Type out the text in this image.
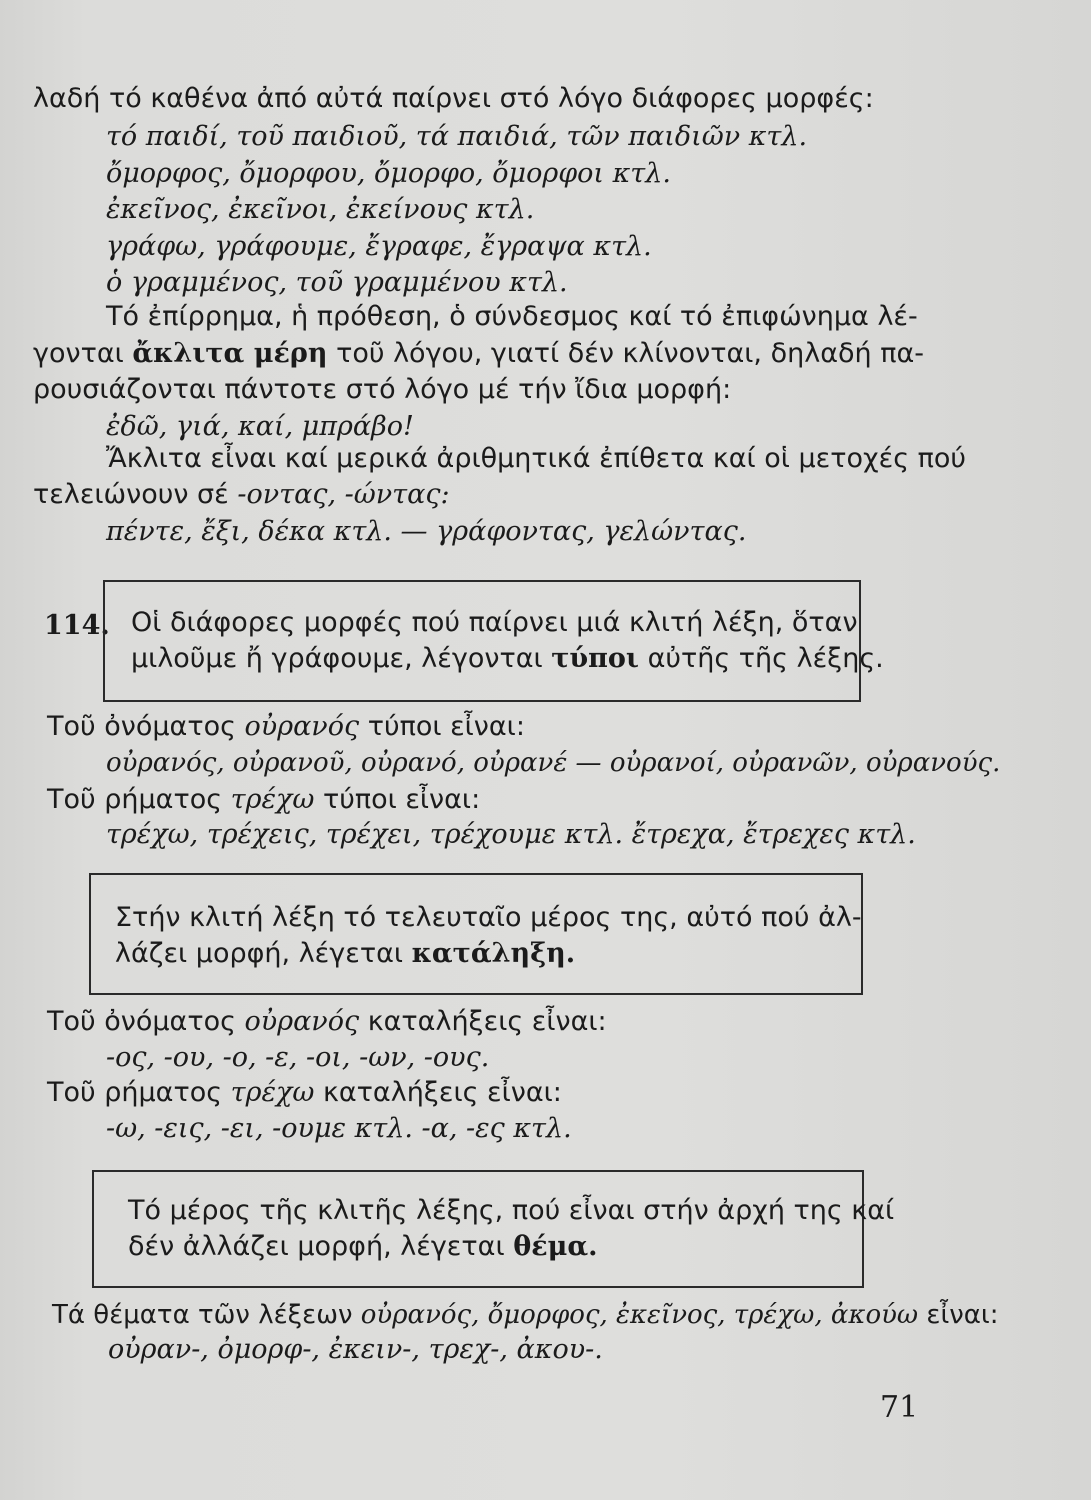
λαδή τό καθένα ἀπό αὐτά παίρνει στό λόγο διάφορες μορφές:
τό παιδί, τοῦ παιδιοῦ, τά παιδιά, τῶν παιδιῶν κτλ.
ὄμορφος, ὄμορφου, ὄμορφο, ὄμορφοι κτλ.
ἐκεῖνος, ἐκεῖνοι, ἐκείνους κτλ.
γράφω, γράφουμε, ἔγραφε, ἔγραψα κτλ.
ὁ γραμμένος, τοῦ γραμμένου κτλ.
Τό ἐπίρρημα, ἡ πρόθεση, ὁ σύνδεσμος καί τό ἐπιφώνημα λέ-
γονται ἄκλιτα μέρη τοῦ λόγου, γιατί δέν κλίνονται, δηλαδή πα-
ρουσιάζονται πάντοτε στό λόγο μέ τήν ἴδια μορφή:
ἐδῶ, γιά, καί, μπράβο!
Ἄκλιτα εἶναι καί μερικά ἀριθμητικά ἐπίθετα καί οἱ μετοχές πού
τελειώνουν σέ -οντας, -ώντας:
πέντε, ἔξι, δέκα κτλ. — γράφοντας, γελώντας.
114. Οἱ διάφορες μορφές πού παίρνει μιά κλιτή λέξη, ὅταν
μιλοῦμε ἤ γράφουμε, λέγονται τύποι αὐτῆς τῆς λέξης.
Τοῦ ὀνόματος οὐρανός τύποι εἶναι:
οὐρανός, οὐρανοῦ, οὐρανό, οὐρανέ — οὐρανοί, οὐρανῶν, οὐρανούς.
Τοῦ ρήματος τρέχω τύποι εἶναι:
τρέχω, τρέχεις, τρέχει, τρέχουμε κτλ. ἔτρεχα, ἔτρεχες κτλ.
Στήν κλιτή λέξη τό τελευταῖο μέρος της, αὐτό πού ἀλ-
λάζει μορφή, λέγεται κατάληξη.
Τοῦ ὀνόματος οὐρανός καταλήξεις εἶναι:
-ος, -ου, -ο, -ε, -οι, -ων, -ους.
Τοῦ ρήματος τρέχω καταλήξεις εἶναι:
-ω, -εις, -ει, -ουμε κτλ. -α, -ες κτλ.
Τό μέρος τῆς κλιτῆς λέξης, πού εἶναι στήν ἀρχή της καί
δέν ἀλλάζει μορφή, λέγεται θέμα.
Τά θέματα τῶν λέξεων οὐρανός, ὄμορφος, ἐκεῖνος, τρέχω, ἀκούω εἶναι:
οὐραν-, ὀμορφ-, ἐκειν-, τρεχ-, ἀκου-.
71
